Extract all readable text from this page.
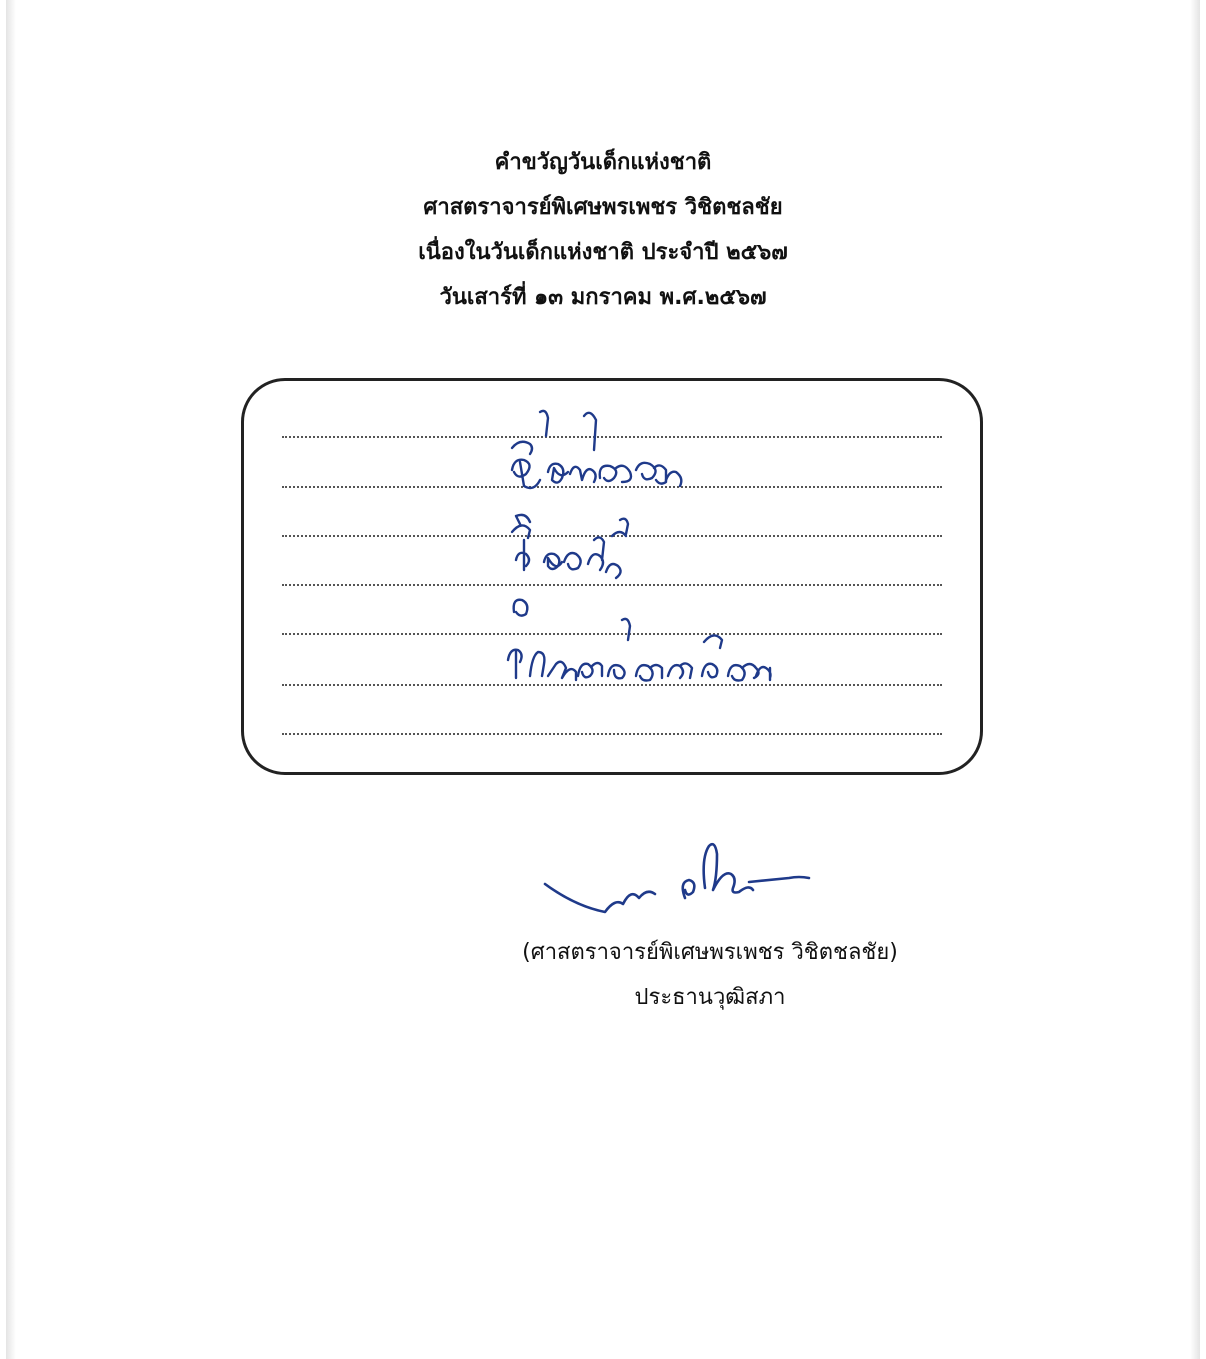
คำขวัญวันเด็กแห่งชาติ
ศาสตราจารย์พิเศษพรเพชร วิชิตชลชัย
เนื่องในวันเด็กแห่งชาติ ประจำปี ๒๕๖๗
วันเสาร์ที่ ๑๓ มกราคม พ.ศ.๒๕๖๗
(ศาสตราจารย์พิเศษพรเพชร วิชิตชลชัย)
ประธานวุฒิสภา
